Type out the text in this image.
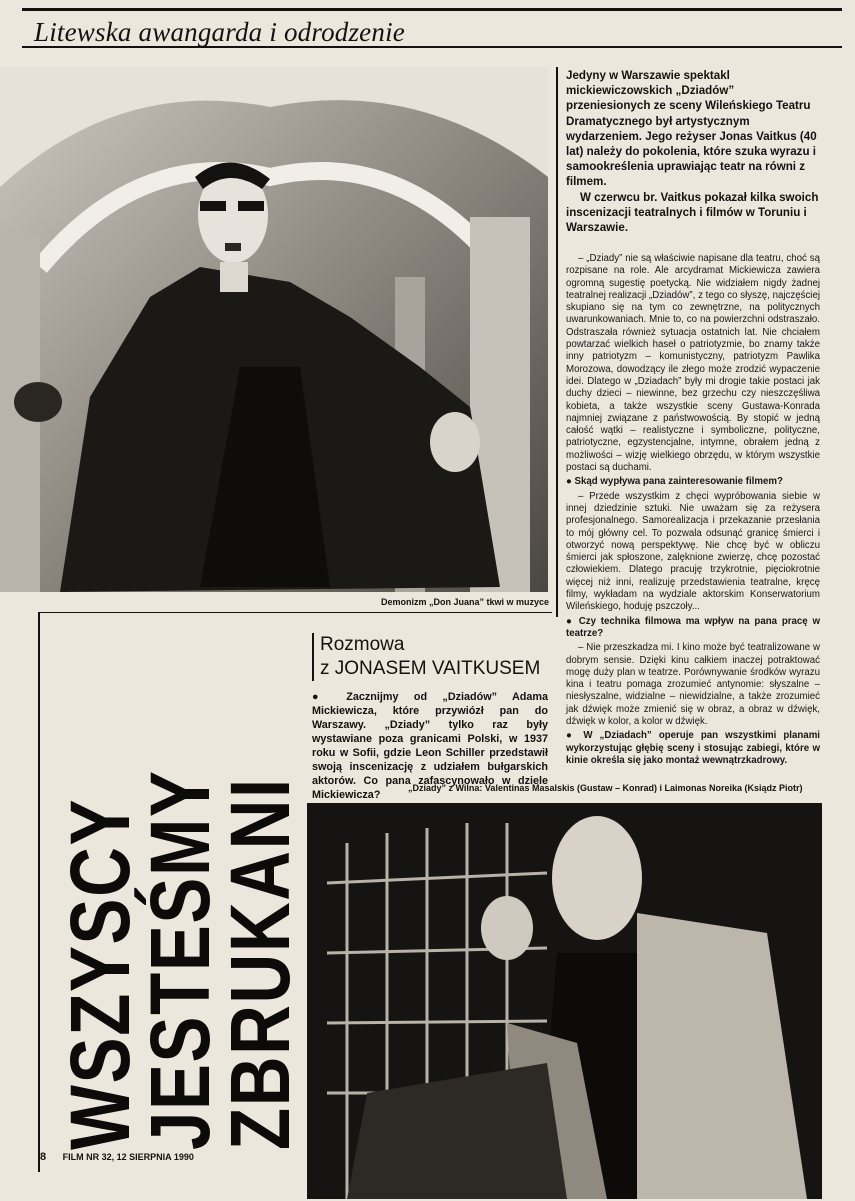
Litewska awangarda i odrodzenie

Jedyny w Warszawie spektakl mickiewiczowskich „Dziadów” przeniesionych ze sceny Wileńskiego Teatru Dramatycznego był artystycznym wydarzeniem. Jego reżyser Jonas Vaitkus (40 lat) należy do pokolenia, które szuka wyrazu i samookreślenia uprawiając teatr na równi z filmem.

W czerwcu br. Vaitkus pokazał kilka swoich inscenizacji teatralnych i filmów w Toruniu i Warszawie.

– „Dziady” nie są właściwie napisane dla teatru, choć są rozpisane na role. Ale arcydramat Mickiewicza zawiera ogromną sugestię poetycką. Nie widziałem nigdy żadnej teatralnej realizacji „Dziadów”, z tego co słyszę, najczęściej skupiano się na tym co zewnętrzne, na politycznych uwarunkowaniach. Mnie to, co na powierzchni odstraszało. Odstraszała również sytuacja ostatnich lat. Nie chciałem powtarzać wielkich haseł o patriotyzmie, bo znamy także inny patriotyzm – komunistyczny, patriotyzm Pawlika Morozowa, dowodzący ile złego może zrodzić wypaczenie idei. Dlatego w „Dziadach” były mi drogie takie postaci jak duchy dzieci – niewinne, bez grzechu czy nieszczęśliwa kobieta, a także wszystkie sceny Gustawa-Konrada najmniej związane z państwowością. By stopić w jedną całość wątki – realistyczne i symboliczne, polityczne, patriotyczne, egzystencjalne, intymne, obrałem jedną z możliwości – wizję wielkiego obrzędu, w którym wszystkie postaci są duchami.

● Skąd wypływa pana zainteresowanie filmem?

– Przede wszystkim z chęci wypróbowania siebie w innej dziedzinie sztuki. Nie uważam się za reżysera profesjonalnego. Samorealizacja i przekazanie przesłania to mój główny cel. To pozwala odsunąć granicę śmierci i otworzyć nową perspektywę. Nie chcę być w obliczu śmierci jak spłoszone, zalęknione zwierzę, chcę pozostać człowiekiem. Dlatego pracuję trzykrotnie, pięciokrotnie więcej niż inni, realizuję przedstawienia teatralne, kręcę filmy, wykładam na wydziale aktorskim Konserwatorium Wileńskiego, hoduję pszczoły...

● Czy technika filmowa ma wpływ na pana pracę w teatrze?

– Nie przeszkadza mi. I kino może być teatralizowane w dobrym sensie. Dzięki kinu całkiem inaczej potraktować mogę duży plan w teatrze. Porównywanie środków wyrazu kina i teatru pomaga zrozumieć antynomie: słyszalne – niesłyszalne, widzialne – niewidzialne, a także zrozumieć jak dźwięk może zmienić się w obraz, a obraz w dźwięk, dźwięk w kolor, a kolor w dźwięk.

● W „Dziadach” operuje pan wszystkimi planami wykorzystując głębię sceny i stosując zabiegi, które w kinie określa się jako montaż wewnątrzkadrowy.

Demonizm „Don Juana” tkwi w muzyce
WSZYSCY
JESTEŚMY
ZBRUKANI
Rozmowa
z JONASEM VAITKUSEM
● Zacznijmy od „Dziadów” Adama Mickiewicza, które przywiózł pan do Warszawy. „Dziady” tylko raz były wystawiane poza granicami Polski, w 1937 roku w Sofii, gdzie Leon Schiller przedstawił swoją inscenizację z udziałem bułgarskich aktorów. Co pana zafascynowało w dziele Mickiewicza?
„Dziady” z Wilna: Valentinas Masalskis (Gustaw – Konrad) i Laimonas Noreika (Ksiądz Piotr)
8 FILM NR 32, 12 SIERPNIA 1990
